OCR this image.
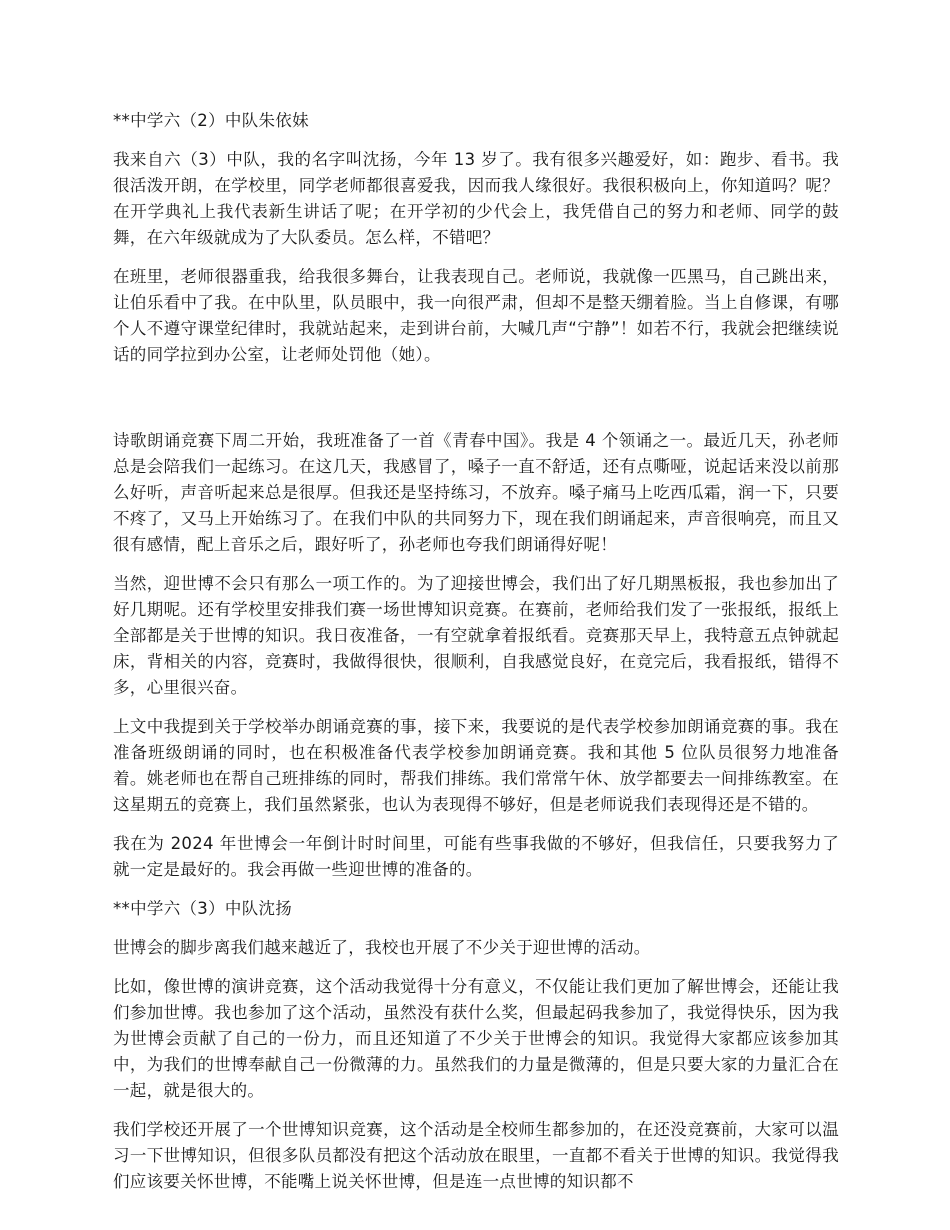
**中学六（2）中队朱依妹

我来自六（3）中队，我的名字叫沈扬，今年 13 岁了。我有很多兴趣爱好，如：跑步、看书。我很活泼开朗，在学校里，同学老师都很喜爱我，因而我人缘很好。我很积极向上，你知道吗？呢？在开学典礼上我代表新生讲话了呢；在开学初的少代会上，我凭借自己的努力和老师、同学的鼓舞，在六年级就成为了大队委员。怎么样，不错吧？

在班里，老师很器重我，给我很多舞台，让我表现自己。老师说，我就像一匹黑马，自己跳出来，让伯乐看中了我。在中队里，队员眼中，我一向很严肃，但却不是整天绷着脸。当上自修课，有哪个人不遵守课堂纪律时，我就站起来，走到讲台前，大喊几声“宁静”！如若不行，我就会把继续说话的同学拉到办公室，让老师处罚他（她）。

诗歌朗诵竞赛下周二开始，我班准备了一首《青春中国》。我是 4 个领诵之一。最近几天，孙老师总是会陪我们一起练习。在这几天，我感冒了，嗓子一直不舒适，还有点嘶哑，说起话来没以前那么好听，声音听起来总是很厚。但我还是坚持练习，不放弃。嗓子痛马上吃西瓜霜，润一下，只要不疼了，又马上开始练习了。在我们中队的共同努力下，现在我们朗诵起来，声音很响亮，而且又很有感情，配上音乐之后，跟好听了，孙老师也夸我们朗诵得好呢！

当然，迎世博不会只有那么一项工作的。为了迎接世博会，我们出了好几期黑板报，我也参加出了好几期呢。还有学校里安排我们赛一场世博知识竞赛。在赛前，老师给我们发了一张报纸，报纸上全部都是关于世博的知识。我日夜准备，一有空就拿着报纸看。竞赛那天早上，我特意五点钟就起床，背相关的内容，竞赛时，我做得很快，很顺利，自我感觉良好，在竞完后，我看报纸，错得不多，心里很兴奋。

上文中我提到关于学校举办朗诵竞赛的事，接下来，我要说的是代表学校参加朗诵竞赛的事。我在准备班级朗诵的同时，也在积极准备代表学校参加朗诵竞赛。我和其他 5 位队员很努力地准备着。姚老师也在帮自己班排练的同时，帮我们排练。我们常常午休、放学都要去一间排练教室。在这星期五的竞赛上，我们虽然紧张，也认为表现得不够好，但是老师说我们表现得还是不错的。

我在为 2024 年世博会一年倒计时时间里，可能有些事我做的不够好，但我信任，只要我努力了就一定是最好的。我会再做一些迎世博的准备的。

**中学六（3）中队沈扬

世博会的脚步离我们越来越近了，我校也开展了不少关于迎世博的活动。

比如，像世博的演讲竞赛，这个活动我觉得十分有意义，不仅能让我们更加了解世博会，还能让我们参加世博。我也参加了这个活动，虽然没有获什么奖，但最起码我参加了，我觉得快乐，因为我为世博会贡献了自己的一份力，而且还知道了不少关于世博会的知识。我觉得大家都应该参加其中，为我们的世博奉献自己一份微薄的力。虽然我们的力量是微薄的，但是只要大家的力量汇合在一起，就是很大的。

我们学校还开展了一个世博知识竞赛，这个活动是全校师生都参加的，在还没竞赛前，大家可以温习一下世博知识，但很多队员都没有把这个活动放在眼里，一直都不看关于世博的知识。我觉得我们应该要关怀世博，不能嘴上说关怀世博，但是连一点世博的知识都不
